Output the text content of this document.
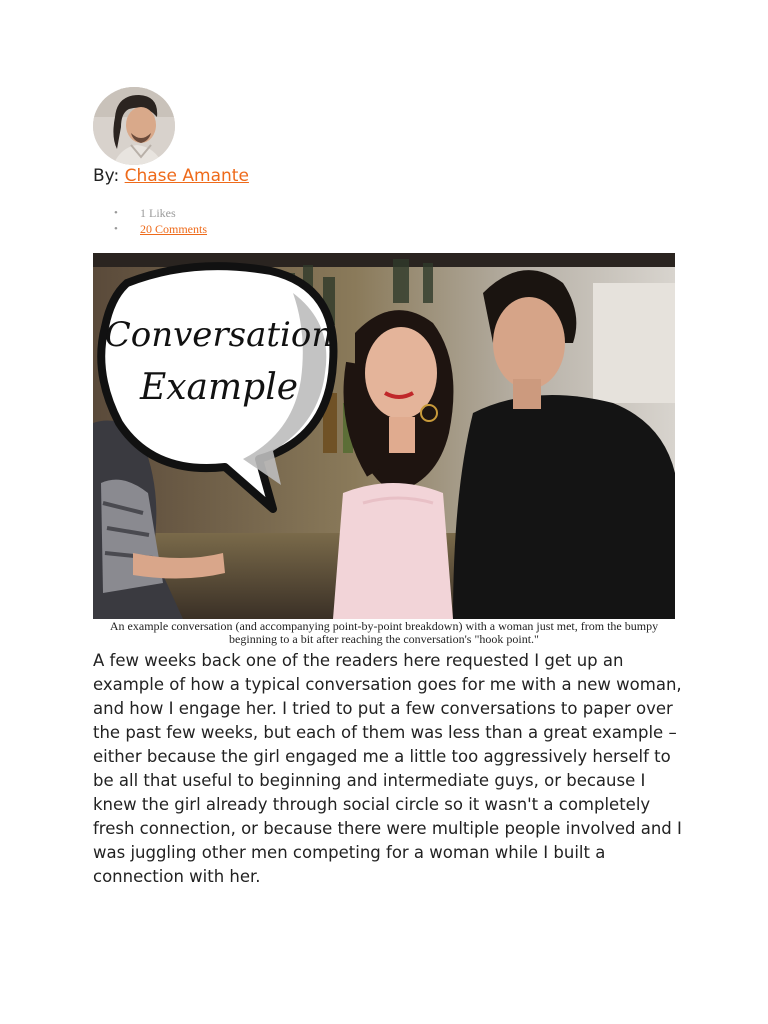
By: Chase Amante
• 1 Likes
• 20 Comments
Conversation
Example
An example conversation (and accompanying point-by-point breakdown) with a woman just met, from the bumpy beginning to a bit after reaching the conversation's "hook point."

A few weeks back one of the readers here requested I get up an example of how a typical conversation goes for me with a new woman, and how I engage her. I tried to put a few conversations to paper over the past few weeks, but each of them was less than a great example – either because the girl engaged me a little too aggressively herself to be all that useful to beginning and intermediate guys, or because I knew the girl already through social circle so it wasn't a completely fresh connection, or because there were multiple people involved and I was juggling other men competing for a woman while I built a connection with her.
